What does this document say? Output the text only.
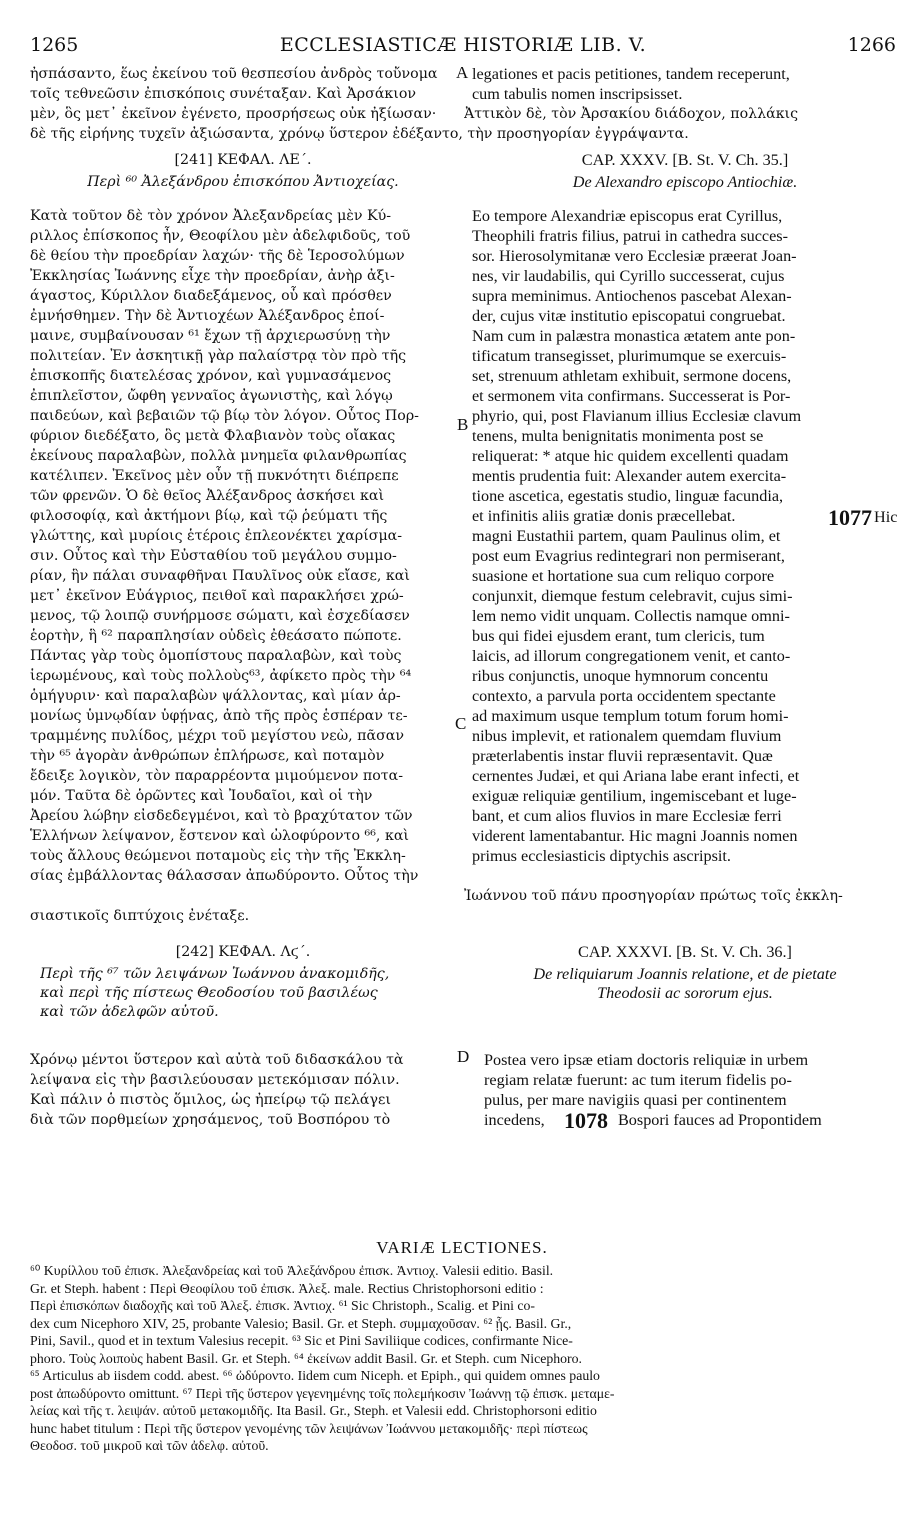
1265	ECCLESIASTICÆ HISTORIÆ LIB. V.	1266
ἠσπάσαντο, ἕως ἐκείνου τοῦ θεσπεσίου ἀνδρὸς τοὔνομα
τοῖς τεθνεῶσιν ἐπισκόποις συνέταξαν. Καὶ Ἀρσάκιον
μὲν, ὃς μετ᾽ ἐκεῖνον ἐγένετο, προσρήσεως οὐκ ἠξίωσαν·
δὲ τῆς εἰρήνης τυχεῖν ἀξιώσαντα, χρόνῳ ὕστερον ἐδέξαντο, τὴν προσηγορίαν ἐγγράψαντα.
legationes et pacis petitiones, tandem receperunt,
cum tabulis nomen inscripsisset.
Ἀττικὸν δὲ, τὸν Ἀρσακίου διάδοχον, πολλάκις
A
[241] ΚΕΦΑΛ. ΛΕ΄.
Περὶ ⁶⁰ Ἀλεξάνδρου ἐπισκόπου Ἀντιοχείας.
CAP. XXXV. [B. St. V. Ch. 35.]
De Alexandro episcopo Antiochiæ.
Κατὰ τοῦτον δὲ τὸν χρόνον Ἀλεξανδρείας μὲν Κύ-
ριλλος ἐπίσκοπος ἦν, Θεοφίλου μὲν ἀδελφιδοῦς, τοῦ
δὲ θείου τὴν προεδρίαν λαχών· τῆς δὲ Ἱεροσολύμων
Ἐκκλησίας Ἰωάννης εἶχε τὴν προεδρίαν, ἀνὴρ ἀξι-
άγαστος, Κύριλλον διαδεξάμενος, οὗ καὶ πρόσθεν
ἐμνήσθημεν. Τὴν δὲ Ἀντιοχέων Ἀλέξανδρος ἐποί-
μαινε, συμβαίνουσαν ⁶¹ ἔχων τῇ ἀρχιερωσύνῃ τὴν
πολιτείαν. Ἐν ἀσκητικῇ γὰρ παλαίστρᾳ τὸν πρὸ τῆς
ἐπισκοπῆς διατελέσας χρόνον, καὶ γυμνασάμενος
ἐπιπλεῖστον, ὤφθη γενναῖος ἀγωνιστὴς, καὶ λόγῳ
παιδεύων, καὶ βεβαιῶν τῷ βίῳ τὸν λόγον. Οὗτος Πορ-
φύριον διεδέξατο, ὃς μετὰ Φλαβιανὸν τοὺς οἴακας
ἐκείνους παραλαβὼν, πολλὰ μνημεῖα φιλανθρωπίας
κατέλιπεν. Ἐκεῖνος μὲν οὖν τῇ πυκνότητι διέπρεπε
τῶν φρενῶν. Ὁ δὲ θεῖος Ἀλέξανδρος ἀσκήσει καὶ
φιλοσοφίᾳ, καὶ ἀκτήμονι βίῳ, καὶ τῷ ῥεύματι τῆς
γλώττης, καὶ μυρίοις ἑτέροις ἐπλεονέκτει χαρίσμα-
σιν. Οὗτος καὶ τὴν Εὐσταθίου τοῦ μεγάλου συμμο-
ρίαν, ἣν πάλαι συναφθῆναι Παυλῖνος οὐκ εἴασε, καὶ
μετ᾽ ἐκεῖνον Εὐάγριος, πειθοῖ καὶ παρακλήσει χρώ-
μενος, τῷ λοιπῷ συνήρμοσε σώματι, καὶ ἐσχεδίασεν
ἑορτὴν, ἣ ⁶² παραπλησίαν οὐδεὶς ἐθεάσατο πώποτε.
Πάντας γὰρ τοὺς ὁμοπίστους παραλαβὼν, καὶ τοὺς
ἱερωμένους, καὶ τοὺς πολλοὺς⁶³, ἀφίκετο πρὸς τὴν ⁶⁴
ὁμήγυριν· καὶ παραλαβὼν ψάλλοντας, καὶ μίαν ἁρ-
μονίως ὑμνῳδίαν ὑφῄνας, ἀπὸ τῆς πρὸς ἑσπέραν τε-
τραμμένης πυλίδος, μέχρι τοῦ μεγίστου νεὼ, πᾶσαν
τὴν ⁶⁵ ἀγορὰν ἀνθρώπων ἐπλήρωσε, καὶ ποταμὸν
ἔδειξε λογικὸν, τὸν παραρρέοντα μιμούμενον ποτα-
μόν. Ταῦτα δὲ ὁρῶντες καὶ Ἰουδαῖοι, καὶ οἱ τὴν
Ἀρείου λώβην εἰσδεδεγμένοι, καὶ τὸ βραχύτατον τῶν
Ἑλλήνων λείψανον, ἔστενον καὶ ὠλοφύροντο ⁶⁶, καὶ
τοὺς ἄλλους θεώμενοι ποταμοὺς εἰς τὴν τῆς Ἐκκλη-
σίας ἐμβάλλοντας θάλασσαν ἀπωδύροντο. Οὗτος τὴν
σιαστικοῖς διπτύχοις ἐνέταξε.
Ἰωάννου τοῦ πάνυ προσηγορίαν πρώτως τοῖς ἐκκλη-
Eo tempore Alexandriæ episcopus erat Cyrillus,
Theophili fratris filius, patrui in cathedra succes-
sor. Hierosolymitanæ vero Ecclesiæ præerat Joan-
nes, vir laudabilis, qui Cyrillo successerat, cujus
supra meminimus. Antiochenos pascebat Alexan-
der, cujus vitæ institutio episcopatui congruebat.
Nam cum in palæstra monastica ætatem ante pon-
tificatum transegisset, plurimumque se exercuis-
set, strenuum athletam exhibuit, sermone docens,
et sermonem vita confirmans. Successerat is Por-
phyrio, qui, post Flavianum illius Ecclesiæ clavum
tenens, multa benignitatis monimenta post se
reliquerat: * atque hic quidem excellenti quadam
mentis prudentia fuit: Alexander autem exercita-
tione ascetica, egestatis studio, linguæ facundia,
et infinitis aliis gratiæ donis præcellebat.
magni Eustathii partem, quam Paulinus olim, et
post eum Evagrius redintegrari non permiserant,
suasione et hortatione sua cum reliquo corpore
conjunxit, diemque festum celebravit, cujus simi-
lem nemo vidit unquam. Collectis namque omni-
bus qui fidei ejusdem erant, tum clericis, tum
laicis, ad illorum congregationem venit, et canto-
ribus conjunctis, unoque hymnorum concentu
contexto, a parvula porta occidentem spectante
ad maximum usque templum totum forum homi-
nibus implevit, et rationalem quemdam fluvium
præterlabentis instar fluvii repræsentavit. Quæ
cernentes Judæi, et qui Ariana labe erant infecti, et
exiguæ reliquiæ gentilium, ingemiscebant et luge-
bant, et cum alios fluvios in mare Ecclesiæ ferri
viderent lamentabantur. Hic magni Joannis nomen
primus ecclesiasticis diptychis ascripsit.
1077 Hic
B
C
D
[242] ΚΕΦΑΛ. Λϛ΄.
Περὶ τῆς ⁶⁷ τῶν λειψάνων Ἰωάννου ἀνακομιδῆς,
καὶ περὶ τῆς πίστεως Θεοδοσίου τοῦ βασιλέως
καὶ τῶν ἀδελφῶν αὐτοῦ.
CAP. XXXVI. [B. St. V. Ch. 36.]
De reliquiarum Joannis relatione, et de pietate
Theodosii ac sororum ejus.
Χρόνῳ μέντοι ὕστερον καὶ αὐτὰ τοῦ διδασκάλου τὰ
λείψανα εἰς τὴν βασιλεύουσαν μετεκόμισαν πόλιν.
Καὶ πάλιν ὁ πιστὸς ὅμιλος, ὡς ἠπείρῳ τῷ πελάγει
διὰ τῶν πορθμείων χρησάμενος, τοῦ Βοσπόρου τὸ
Postea vero ipsæ etiam doctoris reliquiæ in urbem
regiam relatæ fuerunt: ac tum iterum fidelis po-
pulus, per mare navigiis quasi per continentem
incedens, 1078 Bospori fauces ad Propontidem
VARIÆ LECTIONES.
⁶⁰ Κυρίλλου τοῦ ἐπισκ. Ἀλεξανδρείας καὶ τοῦ Ἀλεξάνδρου ἐπισκ. Ἀντιοχ. Valesii editio. Basil.
Gr. et Steph. habent : Περὶ Θεοφίλου τοῦ ἐπισκ. Ἀλεξ. male. Rectius Christophorsoni editio :
Περὶ ἐπισκόπων διαδοχῆς καὶ τοῦ Ἀλεξ. ἐπισκ. Ἀντιοχ. ⁶¹ Sic Christoph., Scalig. et Pini co-
dex cum Nicephoro XIV, 25, probante Valesio; Basil. Gr. et Steph. συμμαχοῦσαν. ⁶² ᾗς. Basil. Gr.,
Pini, Savil., quod et in textum Valesius recepit. ⁶³ Sic et Pini Saviliique codices, confirmante Nice-
phoro. Τοὺς λοιποὺς habent Basil. Gr. et Steph. ⁶⁴ ἐκείνων addit Basil. Gr. et Steph. cum Nicephoro.
⁶⁵ Articulus ab iisdem codd. abest. ⁶⁶ ὠδύροντο. Iidem cum Niceph. et Epiph., qui quidem omnes paulo
post ἀπωδύροντο omittunt. ⁶⁷ Περὶ τῆς ὕστερον γεγενημένης τοῖς πολεμήκοσιν Ἰωάννῃ τῷ ἐπισκ. μεταμε-
λείας καὶ τῆς τ. λειψάν. αὐτοῦ μετακομιδῆς. Ita Basil. Gr., Steph. et Valesii edd. Christophorsoni editio
hunc habet titulum : Περὶ τῆς ὕστερον γενομένης τῶν λειψάνων Ἰωάννου μετακομιδῆς· περὶ πίστεως
Θεοδοσ. τοῦ μικροῦ καὶ τῶν ἀδελφ. αὐτοῦ.
